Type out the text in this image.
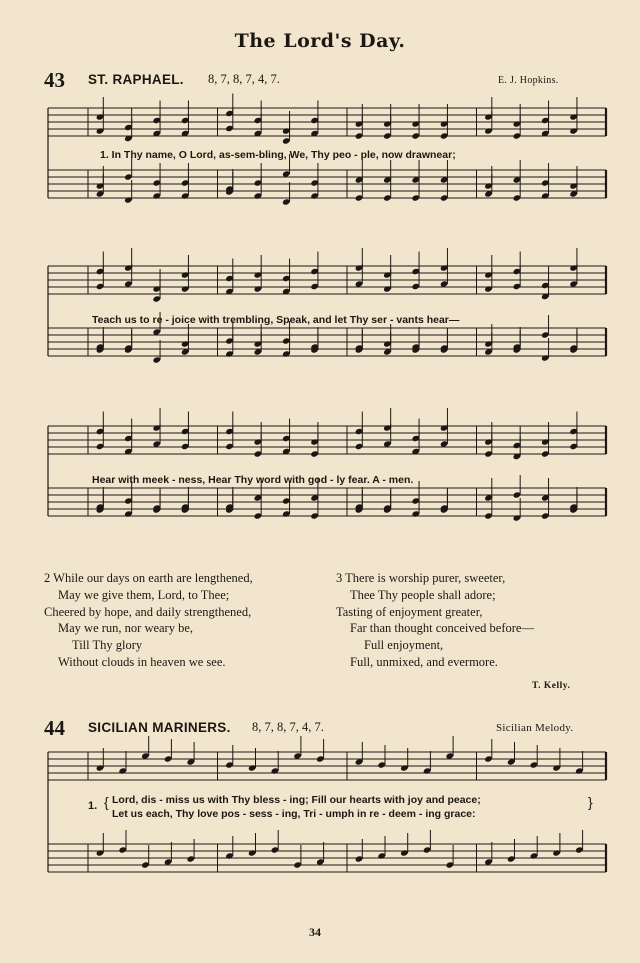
The Lord's Day.
43 ST. RAPHAEL. 8, 7, 8, 7, 4, 7.	E. J. Hopkins.
1. In Thy name, O Lord, as-sem-bling, We, Thy peo - ple, now drawnear;
Teach us to re - joice with trembling, Speak, and let Thy ser - vants hear—
Hear with meek - ness, Hear Thy word with god - ly fear. A - men.
2 While our days on earth are lengthened,
May we give them, Lord, to Thee;
Cheered by hope, and daily strengthened,
May we run, nor weary be,
Till Thy glory
Without clouds in heaven we see.
3 There is worship purer, sweeter,
Thee Thy people shall adore;
Tasting of enjoyment greater,
Far than thought conceived before—
Full enjoyment,
Full, unmixed, and evermore.
T. Kelly.
44 SICILIAN MARINERS. 8, 7, 8, 7, 4, 7.	Sicilian Melody.
1. { Lord, dis - miss us with Thy bless - ing; Fill our hearts with joy and peace;
Let us each, Thy love pos - sess - ing, Tri - umph in re - deem - ing grace:
}
34
